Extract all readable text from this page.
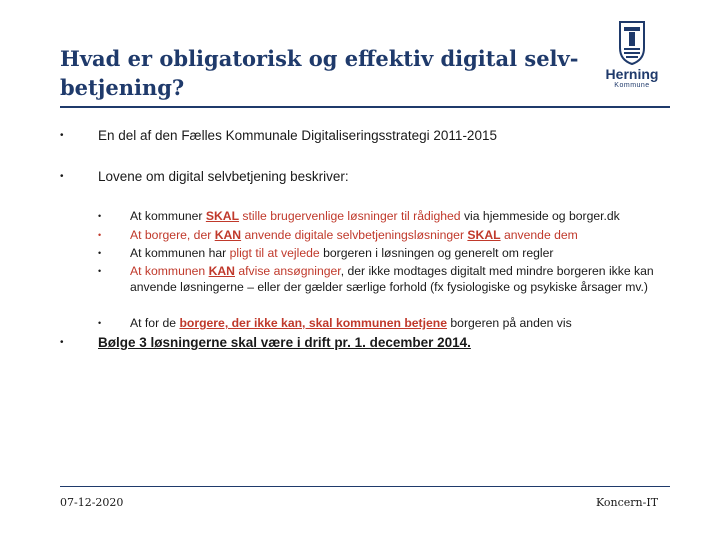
Hvad er obligatorisk og effektiv digital selv-betjening?
Herning
Kommune
•	En del af den Fælles Kommunale Digitaliseringsstrategi 2011-2015
•	Lovene om digital selvbetjening beskriver:
• At kommuner SKAL stille brugervenlige løsninger til rådighed via hjemmeside og borger.dk
• At borgere, der KAN anvende digitale selvbetjeningsløsninger SKAL anvende dem
• At kommunen har pligt til at vejlede borgeren i løsningen og generelt om regler
• At kommunen KAN afvise ansøgninger, der ikke modtages digitalt med mindre borgeren ikke kan anvende løsningerne – eller der gælder særlige forhold (fx fysiologiske og psykiske årsager mv.)
• At for de borgere, der ikke kan, skal kommunen betjene borgeren på anden vis
•	Bølge 3 løsningerne skal være i drift pr. 1. december 2014.
07-12-2020	Koncern-IT
